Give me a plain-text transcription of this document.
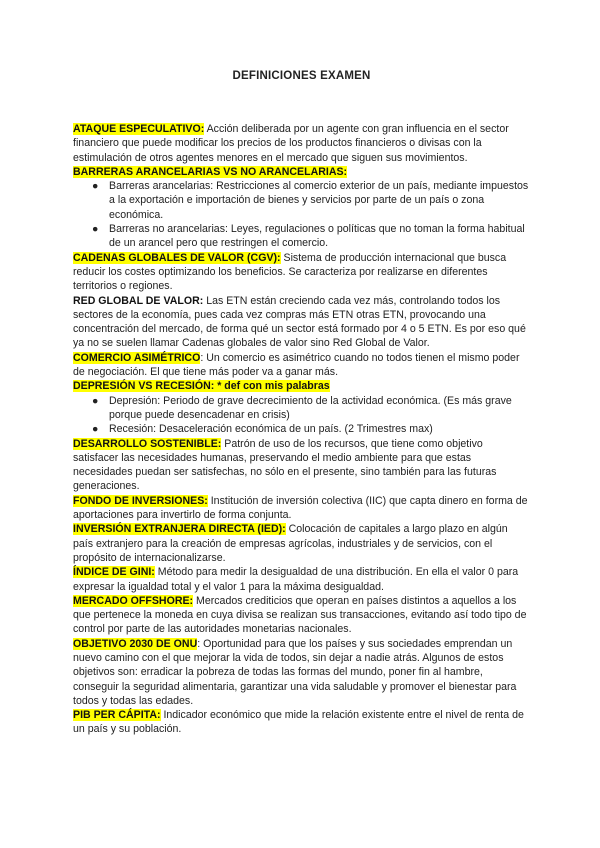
DEFINICIONES EXAMEN
ATAQUE ESPECULATIVO: Acción deliberada por un agente con gran influencia en el sector financiero que puede modificar los precios de los productos financieros o divisas con la estimulación de otros agentes menores en el mercado que siguen sus movimientos.
BARRERAS ARANCELARIAS VS NO ARANCELARIAS:
● Barreras arancelarias: Restricciones al comercio exterior de un país, mediante impuestos a la exportación e importación de bienes y servicios por parte de un país o zona económica.
● Barreras no arancelarias: Leyes, regulaciones o políticas que no toman la forma habitual de un arancel pero que restringen el comercio.
CADENAS GLOBALES DE VALOR (CGV): Sistema de producción internacional que busca reducir los costes optimizando los beneficios. Se caracteriza por realizarse en diferentes territorios o regiones.
RED GLOBAL DE VALOR: Las ETN están creciendo cada vez más, controlando todos los sectores de la economía, pues cada vez compras más ETN otras ETN, provocando una concentración del mercado, de forma qué un sector está formado por 4 o 5 ETN. Es por eso qué ya no se suelen llamar Cadenas globales de valor sino Red Global de Valor.
COMERCIO ASIMÉTRICO: Un comercio es asimétrico cuando no todos tienen el mismo poder de negociación. El que tiene más poder va a ganar más.
DEPRESIÓN VS RECESIÓN: * def con mis palabras
● Depresión: Periodo de grave decrecimiento de la actividad económica. (Es más grave porque puede desencadenar en crisis)
● Recesión: Desaceleración económica de un país. (2 Trimestres max)
DESARROLLO SOSTENIBLE: Patrón de uso de los recursos, que tiene como objetivo satisfacer las necesidades humanas, preservando el medio ambiente para que estas necesidades puedan ser satisfechas, no sólo en el presente, sino también para las futuras generaciones.
FONDO DE INVERSIONES: Institución de inversión colectiva (IIC) que capta dinero en forma de aportaciones para invertirlo de forma conjunta.
INVERSIÓN EXTRANJERA DIRECTA (IED): Colocación de capitales a largo plazo en algún país extranjero para la creación de empresas agrícolas, industriales y de servicios, con el propósito de internacionalizarse.
ÍNDICE DE GINI: Método para medir la desigualdad de una distribución. En ella el valor 0 para expresar la igualdad total y el valor 1 para la máxima desigualdad.
MERCADO OFFSHORE: Mercados crediticios que operan en países distintos a aquellos a los que pertenece la moneda en cuya divisa se realizan sus transacciones, evitando así todo tipo de control por parte de las autoridades monetarias nacionales.
OBJETIVO 2030 DE ONU: Oportunidad para que los países y sus sociedades emprendan un nuevo camino con el que mejorar la vida de todos, sin dejar a nadie atrás. Algunos de estos objetivos son: erradicar la pobreza de todas las formas del mundo, poner fin al hambre, conseguir la seguridad alimentaria, garantizar una vida saludable y promover el bienestar para todos y todas las edades.
PIB PER CÁPITA: Indicador económico que mide la relación existente entre el nivel de renta de un país y su población.
